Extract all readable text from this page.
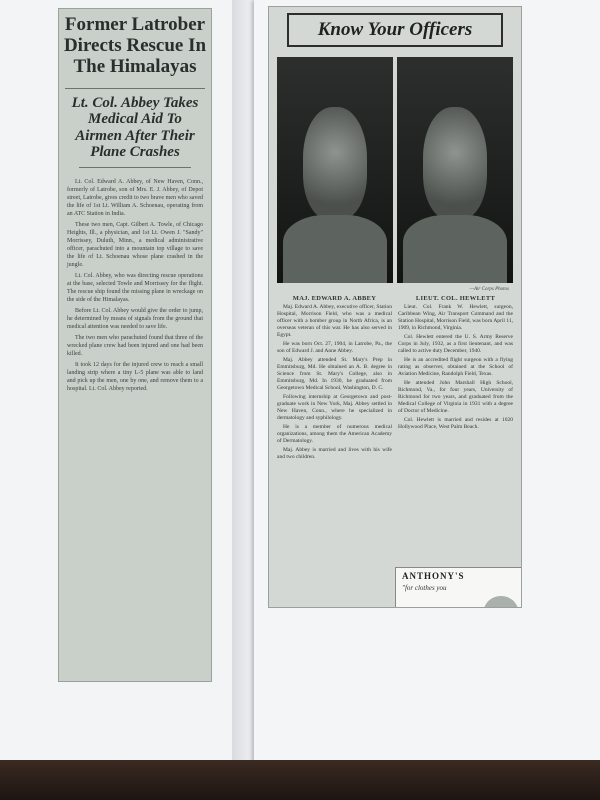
Former Latrober Directs Rescue In The Himalayas
Lt. Col. Abbey Takes Medical Aid To Airmen After Their Plane Crashes

Lt. Col. Edward A. Abbey, of New Haven, Conn., formerly of Latrobe, son of Mrs. E. J. Abbey, of Depot street, Latrobe, gives credit to two brave men who saved the life of 1st Lt. William A. Schoenau, operating from an ATC Station in India.

These two men, Capt. Gilbert A. Towle, of Chicago Heights, Ill., a physician, and 1st Lt. Owen J. "Sandy" Morrissey, Duluth, Minn., a medical administrative officer, parachuted into a mountain top village to save the life of Lt. Schoenau whose plane crashed in the jungle.

Lt. Col. Abbey, who was directing rescue operations at the base, selected Towle and Morrissey for the flight. The rescue ship found the missing plane in wreckage on the side of the Himalayas.

Before Lt. Col. Abbey would give the order to jump, he determined by means of signals from the ground that medical attention was needed to save life.

The two men who parachuted found that three of the wrecked plane crew had been injured and one had been killed.

It took 12 days for the injured crew to reach a small landing strip where a tiny L-5 plane was able to land and pick up the men, one by one, and remove them to a hospital. Lt. Col. Abbey reported.

Know Your Officers
—Air Corps Photos
MAJ. EDWARD A. ABBEY

Maj. Edward A. Abbey, executive officer, Station Hospital, Morrison Field, who was a medical officer with a bomber group in North Africa, is an overseas veteran of this war. He has also served in Egypt.

He was born Oct. 27, 1904, in Latrobe, Pa., the son of Edward J. and Anne Abbey.

Maj. Abbey attended St. Mary's Prep in Emmitsburg, Md. He obtained an A. B. degree in Science from St. Mary's College, also in Emmitsburg, Md. In 1930, he graduated from Georgetown Medical School, Washington, D. C.

Following internship at Georgetown and post-graduate work in New York, Maj. Abbey settled in New Haven, Conn., where he specialized in dermatology and syphilology.

He is a member of numerous medical organizations, among them the American Academy of Dermatology.

Maj. Abbey is married and lives with his wife and two children.

LIEUT. COL. HEWLETT

Lieut. Col. Frank W. Hewlett, surgeon, Caribbean Wing, Air Transport Command and the Station Hospital, Morrison Field, was born April 11, 1909, in Richmond, Virginia.

Col. Hewlett entered the U. S. Army Reserve Corps in July, 1932, as a first lieutenant, and was called to active duty December, 1940.

He is an accredited flight surgeon with a flying rating as observer, obtained at the School of Aviation Medicine, Randolph Field, Texas.

He attended John Marshall High School, Richmond, Va., for four years, University of Richmond for two years, and graduated from the Medical College of Virginia in 1931 with a degree of Doctor of Medicine.

Col. Hewlett is married and resides at 1020 Hollywood Place, West Palm Beach.

ANTHONY'S
"for clothes you
